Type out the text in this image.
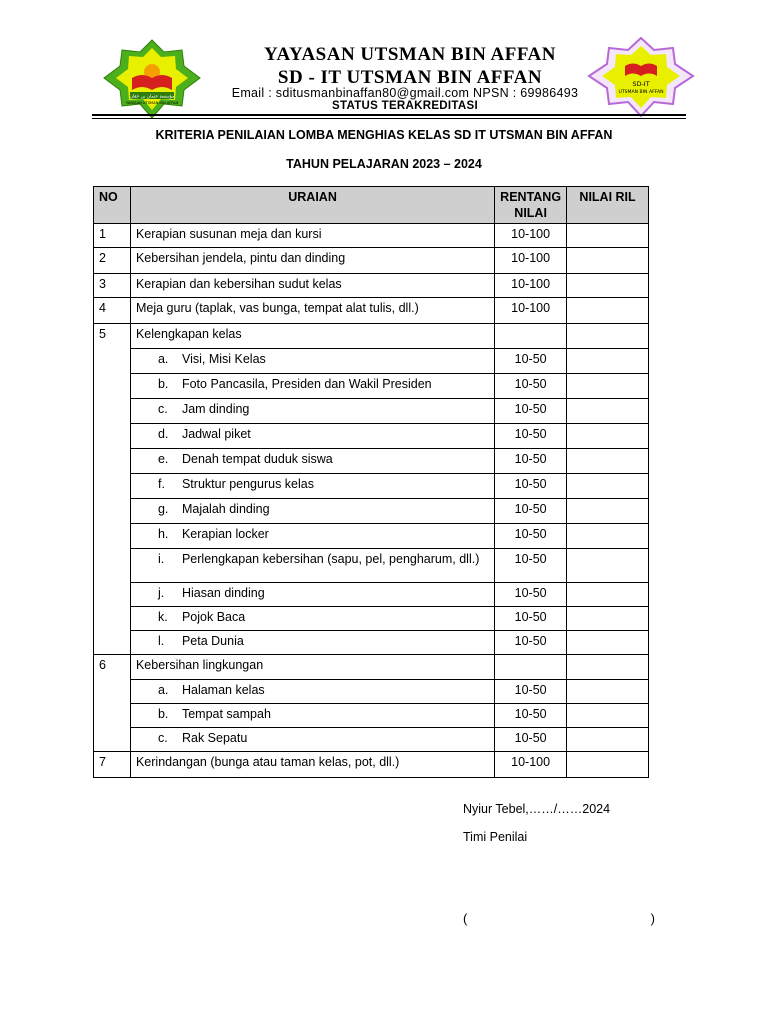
مؤسسة عثمان بن عفان
YAYASAN UTSMAN BIN AFFAN
YAYASAN UTSMAN BIN AFFAN
SD - IT UTSMAN BIN AFFAN
Email : sditusmanbinaffan80@gmail.com NPSN : 69986493
STATUS TERAKREDITASI
SD-IT
UTSMAN BIN AFFAN
KRITERIA PENILAIAN LOMBA MENGHIAS KELAS SD IT UTSMAN BIN AFFAN
TAHUN PELAJARAN 2023 – 2024
NO	URAIAN	RENTANG NILAI	NILAI RIL
1	Kerapian susunan meja dan kursi	10-100	
2	Kebersihan jendela, pintu dan dinding	10-100	
3	Kerapian dan kebersihan sudut kelas	10-100	
4	Meja guru (taplak, vas bunga, tempat alat tulis, dll.)	10-100	
5	Kelengkapan kelas		

	a. Visi, Misi Kelas	10-50	

	b. Foto Pancasila, Presiden dan Wakil Presiden	10-50	

	c. Jam dinding	10-50	

	d. Jadwal piket	10-50	

	e. Denah tempat duduk siswa	10-50	

	f. Struktur pengurus kelas	10-50	

	g. Majalah dinding	10-50	

	h. Kerapian locker	10-50	

	i. Perlengkapan kebersihan (sapu, pel, pengharum, dll.)	10-50	

	j. Hiasan dinding	10-50	

	k. Pojok Baca	10-50	

	l. Peta Dunia	10-50	
6	Kebersihan lingkungan		

	a. Halaman kelas	10-50	

	b. Tempat sampah	10-50	

	c. Rak Sepatu	10-50	
7	Kerindangan (bunga atau taman kelas, pot, dll.)	10-100	
Nyiur Tebel,……/……2024
Timi Penilai
(	)
